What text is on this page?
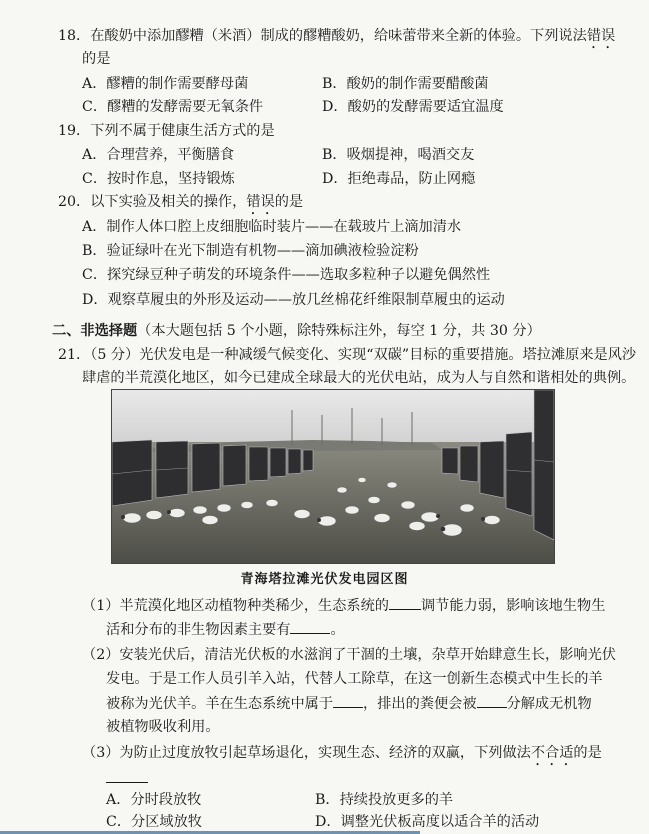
18．在酸奶中添加醪糟（米酒）制成的醪糟酸奶，给味蕾带来全新的体验。下列说法错误
的是
A．醪糟的制作需要酵母菌	B．酸奶的制作需要醋酸菌
C．醪糟的发酵需要无氧条件	D．酸奶的发酵需要适宜温度
19．下列不属于健康生活方式的是
A．合理营养，平衡膳食	B．吸烟提神，喝酒交友
C．按时作息，坚持锻炼	D．拒绝毒品，防止网瘾
20．以下实验及相关的操作，错误的是
A．制作人体口腔上皮细胞临时装片——在载玻片上滴加清水
B．验证绿叶在光下制造有机物——滴加碘液检验淀粉
C．探究绿豆种子萌发的环境条件——选取多粒种子以避免偶然性
D．观察草履虫的外形及运动——放几丝棉花纤维限制草履虫的运动
二、非选择题（本大题包括 5 个小题，除特殊标注外，每空 1 分，共 30 分）
21．（5 分）光伏发电是一种减缓气候变化、实现“双碳”目标的重要措施。塔拉滩原来是风沙
肆虐的半荒漠化地区，如今已建成全球最大的光伏电站，成为人与自然和谐相处的典例。
青海塔拉滩光伏发电园区图
（1）半荒漠化地区动植物种类稀少，生态系统的 调节能力弱，影响该地生物生
活和分布的非生物因素主要有	。
（2）安装光伏后，清洁光伏板的水滋润了干涸的土壤，杂草开始肆意生长，影响光伏
发电。于是工作人员引羊入站，代替人工除草，在这一创新生态模式中生长的羊
被称为光伏羊。羊在生态系统中属于 ，排出的粪便会被 分解成无机物
被植物吸收利用。
（3）为防止过度放牧引起草场退化，实现生态、经济的双赢，下列做法不合适的是
A．分时段放牧	B．持续投放更多的羊
C．分区域放牧	D．调整光伏板高度以适合羊的活动
